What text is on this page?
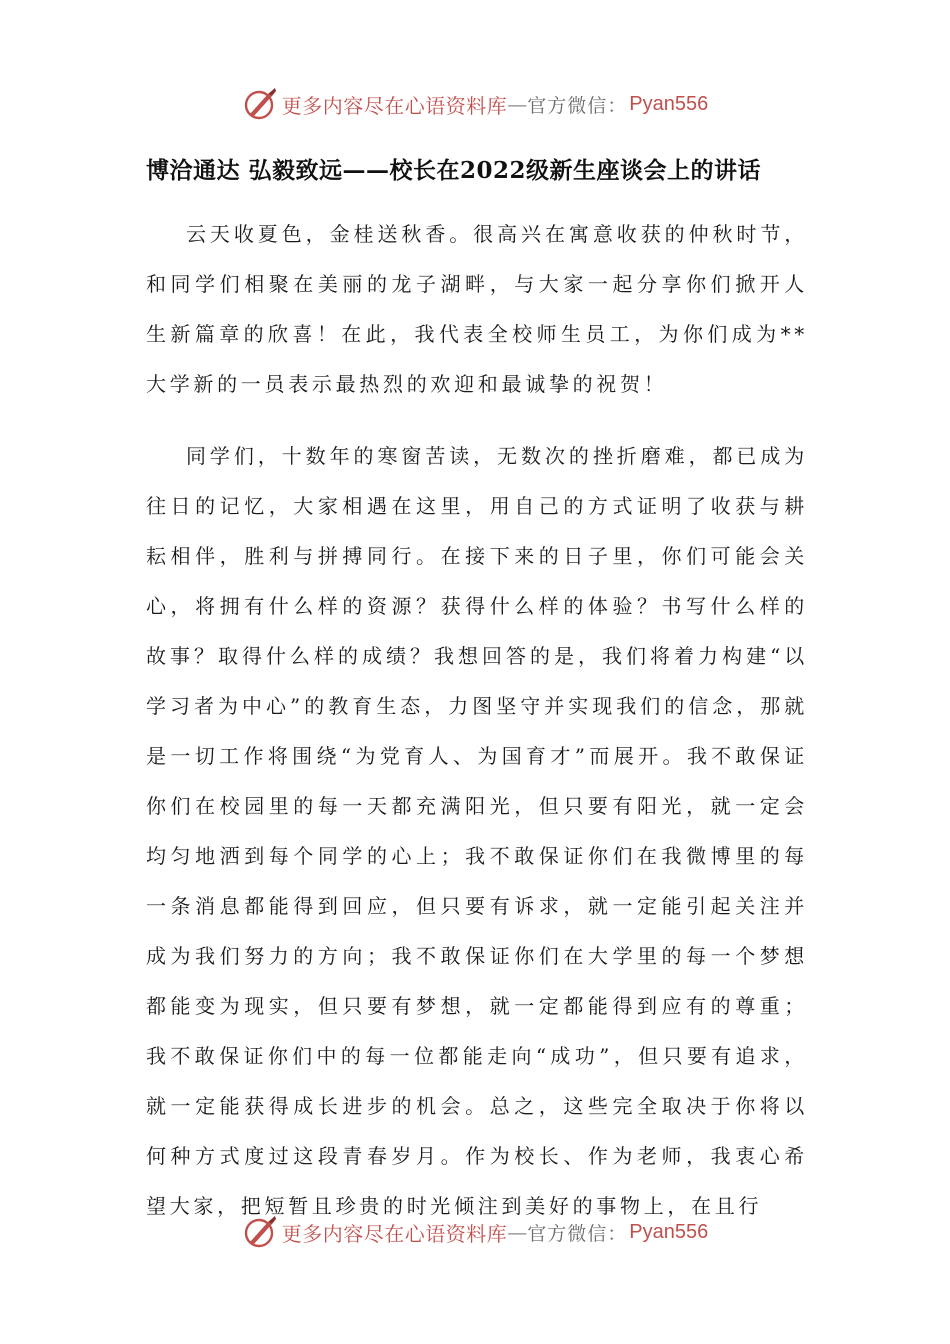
更多内容尽在心语资料库 — 官方微信： Pyan556
博洽通达 弘毅致远——校长在2022级新生座谈会上的讲话

云天收夏色，金桂送秋香。很高兴在寓意收获的仲秋时节，和同学们相聚在美丽的龙子湖畔，与大家一起分享你们掀开人生新篇章的欣喜！在此，我代表全校师生员工，为你们成为**大学新的一员表示最热烈的欢迎和最诚挚的祝贺！

同学们，十数年的寒窗苦读，无数次的挫折磨难，都已成为往日的记忆，大家相遇在这里，用自己的方式证明了收获与耕耘相伴，胜利与拼搏同行。在接下来的日子里，你们可能会关心，将拥有什么样的资源？获得什么样的体验？书写什么样的故事？取得什么样的成绩？我想回答的是，我们将着力构建“以学习者为中心”的教育生态，力图坚守并实现我们的信念，那就是一切工作将围绕“为党育人、为国育才”而展开。我不敢保证你们在校园里的每一天都充满阳光，但只要有阳光，就一定会均匀地洒到每个同学的心上；我不敢保证你们在我微博里的每一条消息都能得到回应，但只要有诉求，就一定能引起关注并成为我们努力的方向；我不敢保证你们在大学里的每一个梦想都能变为现实，但只要有梦想，就一定都能得到应有的尊重；我不敢保证你们中的每一位都能走向“成功”，但只要有追求，就一定能获得成长进步的机会。总之，这些完全取决于你将以何种方式度过这段青春岁月。作为校长、作为老师，我衷心希望大家，把短暂且珍贵的时光倾注到美好的事物上，在且行

更多内容尽在心语资料库 — 官方微信： Pyan556
